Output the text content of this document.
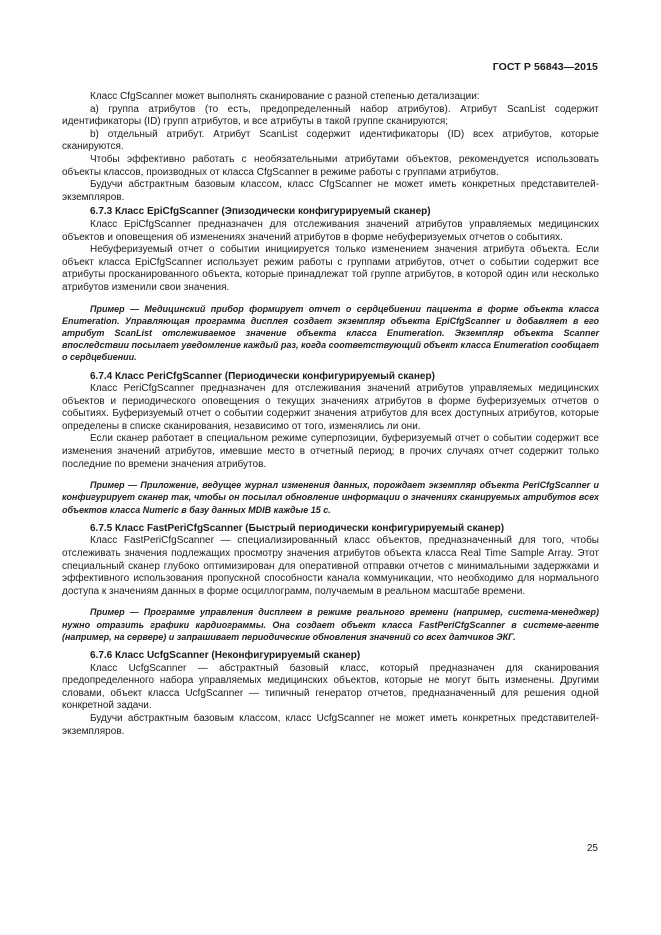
ГОСТ Р 56843—2015

Класс CfgScanner может выполнять сканирование с разной степенью детализации:

a) группа атрибутов (то есть, предопределенный набор атрибутов). Атрибут ScanList содержит идентификаторы (ID) групп атрибутов, и все атрибуты в такой группе сканируются;

b) отдельный атрибут. Атрибут ScanList содержит идентификаторы (ID) всех атрибутов, которые сканируются.

Чтобы эффективно работать с необязательными атрибутами объектов, рекомендуется использовать объекты классов, производных от класса CfgScanner в режиме работы с группами атрибутов.

Будучи абстрактным базовым классом, класс CfgScanner не может иметь конкретных представителей-экземпляров.

6.7.3 Класс EpiCfgScanner (Эпизодически конфигурируемый сканер)

Класс EpiCfgScanner предназначен для отслеживания значений атрибутов управляемых медицинских объектов и оповещения об изменениях значений атрибутов в форме небуферизуемых отчетов о событиях.

Небуферизуемый отчет о событии инициируется только изменением значения атрибута объекта. Если объект класса EpiCfgScanner использует режим работы с группами атрибутов, отчет о событии содержит все атрибуты просканированного объекта, которые принадлежат той группе атрибутов, в которой один или несколько атрибутов изменили свои значения.

Пример — Медицинский прибор формирует отчет о сердцебиении пациента в форме объекта класса Enumeration. Управляющая программа дисплея создает экземпляр объекта EpiCfgScanner и добавляет в его атрибут ScanList отслеживаемое значение объекта класса Enumeration. Экземпляр объекта Scanner впоследствии посылает уведомление каждый раз, когда соответствующий объект класса Enumeration сообщает о сердцебиении.

6.7.4 Класс PeriCfgScanner (Периодически конфигурируемый сканер)

Класс PeriCfgScanner предназначен для отслеживания значений атрибутов управляемых медицинских объектов и периодического оповещения о текущих значениях атрибутов в форме буферизуемых отчетов о событиях. Буферизуемый отчет о событии содержит значения атрибутов для всех доступных атрибутов, которые определены в списке сканирования, независимо от того, изменялись ли они.

Если сканер работает в специальном режиме суперпозиции, буферизуемый отчет о событии содержит все изменения значений атрибутов, имевшие место в отчетный период; в прочих случаях отчет содержит только последние по времени значения атрибутов.

Пример — Приложение, ведущее журнал изменения данных, порождает экземпляр объекта PeriCfgScanner и конфигурирует сканер так, чтобы он посылал обновление информации о значениях сканируемых атрибутов всех объектов класса Numeric в базу данных MDIB каждые 15 с.

6.7.5 Класс FastPeriCfgScanner (Быстрый периодически конфигурируемый сканер)

Класс FastPeriCfgScanner — специализированный класс объектов, предназначенный для того, чтобы отслеживать значения подлежащих просмотру значения атрибутов объекта класса Real Time Sample Array. Этот специальный сканер глубоко оптимизирован для оперативной отправки отчетов с минимальными задержками и эффективного использования пропускной способности канала коммуникации, что необходимо для нормального доступа к значениям данных в форме осциллограмм, получаемым в реальном масштабе времени.

Пример — Программе управления дисплеем в режиме реального времени (например, система-менеджер) нужно отразить графики кардиограммы. Она создает объект класса FastPeriCfgScanner в системе-агенте (например, на сервере) и запрашивает периодические обновления значений со всех датчиков ЭКГ.

6.7.6 Класс UcfgScanner (Неконфигурируемый сканер)

Класс UcfgScanner — абстрактный базовый класс, который предназначен для сканирования предопределенного набора управляемых медицинских объектов, которые не могут быть изменены. Другими словами, объект класса UcfgScanner — типичный генератор отчетов, предназначенный для решения одной конкретной задачи.

Будучи абстрактным базовым классом, класс UcfgScanner не может иметь конкретных представителей-экземпляров.

25
